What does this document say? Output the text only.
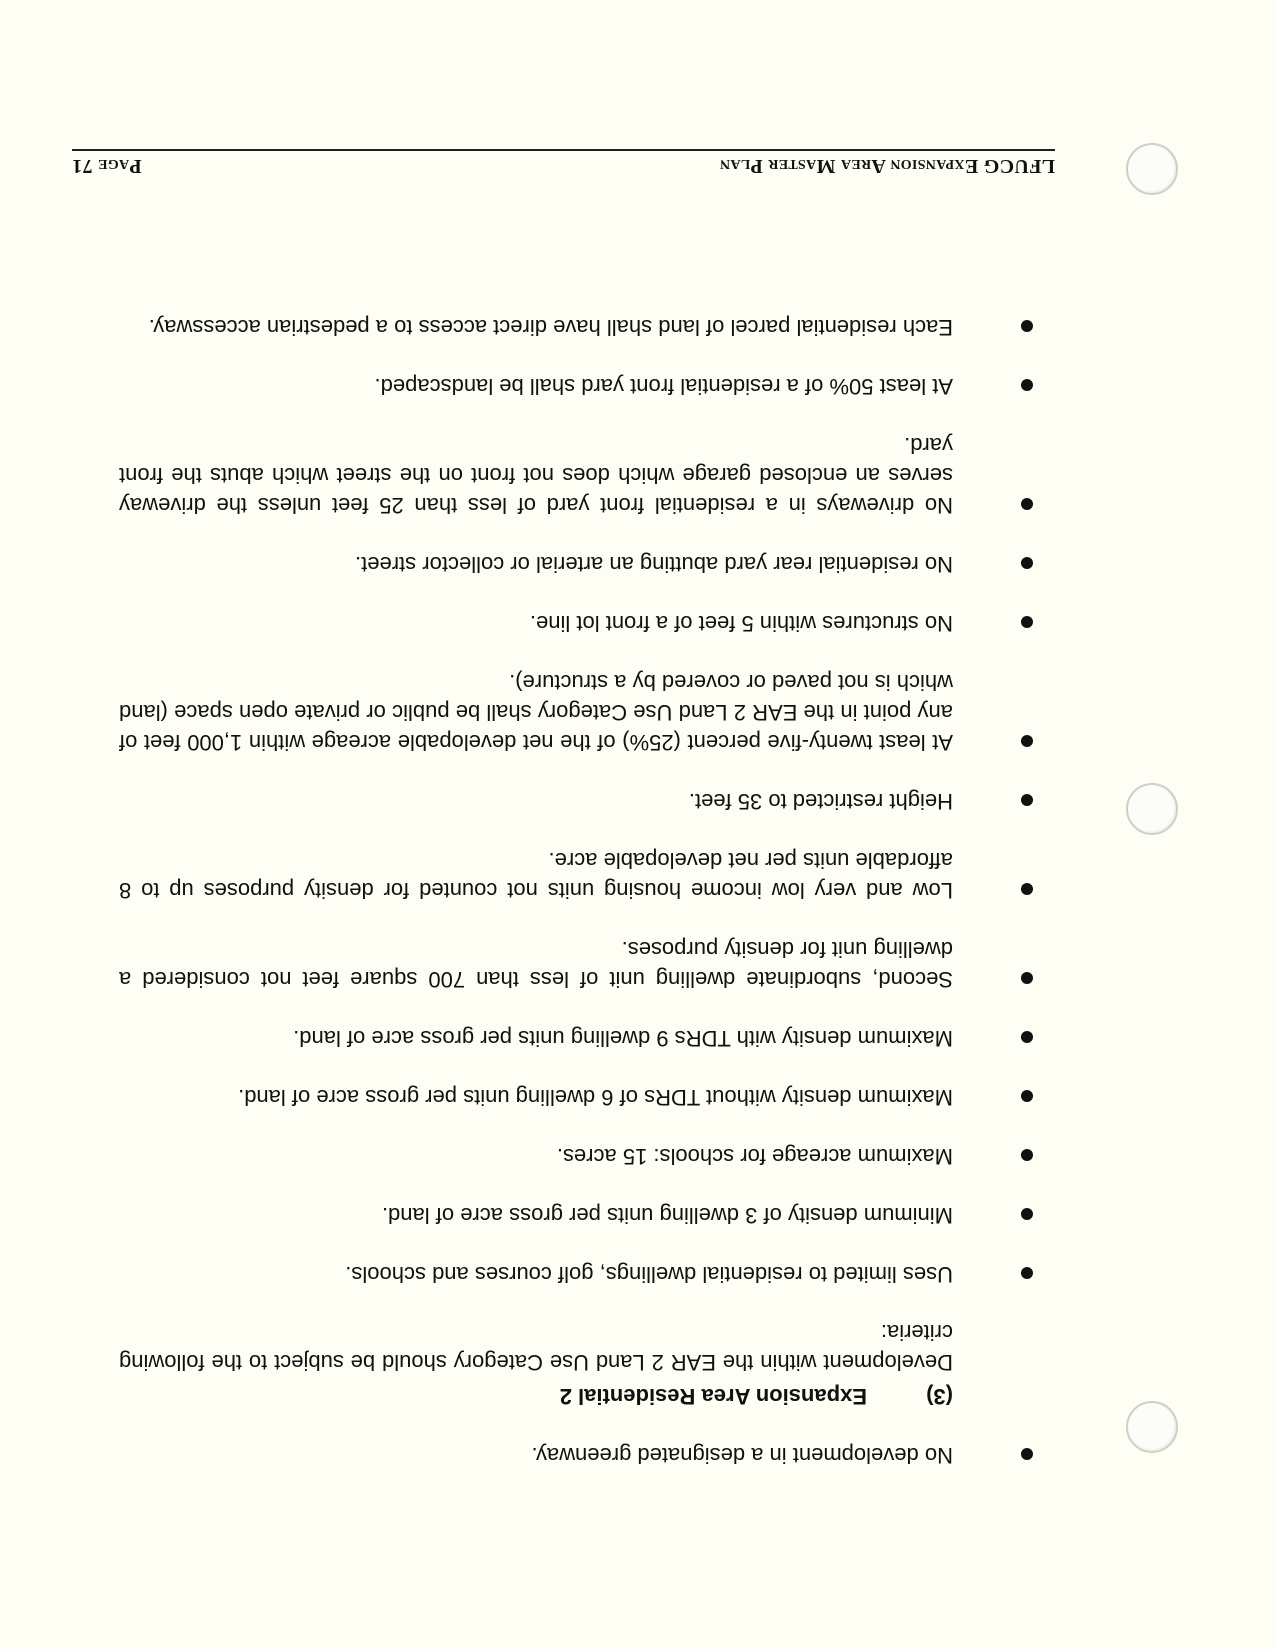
No development in a designated greenway.
(3)
Expansion Area Residential 2
Development within the EAR 2 Land Use Category should be subject to the following criteria:
Uses limited to residential dwellings, golf courses and schools.
Minimum density of 3 dwelling units per gross acre of land.
Maximum acreage for schools: 15 acres.
Maximum density without TDRs of 6 dwelling units per gross acre of land.
Maximum density with TDRs 9 dwelling units per gross acre of land.
Second, subordinate dwelling unit of less than 700 square feet not considered a dwelling unit for density purposes.
Low and very low income housing units not counted for density purposes up to 8 affordable units per net developable acre.
Height restricted to 35 feet.
At least twenty-five percent (25%) of the net developable acreage within 1,000 feet of any point in the EAR 2 Land Use Category shall be public or private open space (land which is not paved or covered by a structure).
No structures within 5 feet of a front lot line.
No residential rear yard abutting an arterial or collector street.
No driveways in a residential front yard of less than 25 feet unless the driveway serves an enclosed garage which does not front on the street which abuts the front yard.
At least 50% of a residential front yard shall be landscaped.
Each residential parcel of land shall have direct access to a pedestrian accessway.
LFUCG Expansion Area Master Plan
Page 71
